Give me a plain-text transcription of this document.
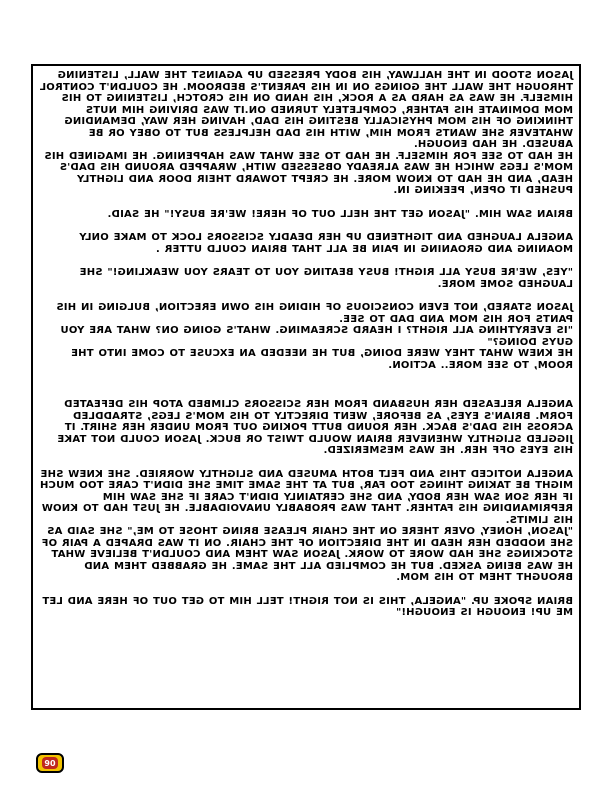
JASON STOOD IN THE HALLWAY, HIS BODY PRESSED UP AGAINST THE WALL, LISTENING THROUGH THE WALL THE GOINGS ON IN HIS PARENT'S BEDROOM. HE COULDN'T CONTROL HIMSELF. HE WAS AS HARD AS A ROCK, HIS HAND ON HIS CROTCH, LISTENING TO HIS MOM DOMINATE HIS FATHER, COMPLETELY TURNED ON.IT WAS DRIVING HIM NUTS THINKING OF HIS MOM PHYSICALLY BESTING HIS DAD, HAVING HER WAY, DEMANDING WHATEVER SHE WANTS FROM HIM, WITH HIS DAD HELPLESS BUT TO OBEY OR BE ABUSED. HE HAD ENOUGH.
HE HAD TO SEE FOR HIMSELF. HE HAD TO SEE WHAT WAS HAPPENING. HE IMAGINED HIS MOM'S LEGS WHICH HE WAS ALREADY OBSESSED WITH, WRAPPED AROUND HIS DAD'S HEAD, AND HE HAD TO KNOW MORE. HE CREPT TOWARD THEIR DOOR AND LIGHTLY PUSHED IT OPEN, PEEKING IN.

BRIAN SAW HIM. "JASON GET THE HELL OUT OF HERE! WE'RE BUSY!" HE SAID.

ANGELA LAUGHED AND TIGHTENED UP HER DEADLY SCISSORS LOCK TO MAKE ONLY MOANING AND GROANING IN PAIN BE ALL THAT BRIAN COULD UTTER .

"YES, WE'RE BUSY ALL RIGHT! BUSY BEATING YOU TO TEARS YOU WEAKLING!" SHE LAUGHED SOME MORE.

JASON STARED, NOT EVEN CONSCIOUS OF HIDING HIS OWN ERECTION, BULGING IN HIS PANTS FOR HIS MOM AND DAD TO SEE.
"IS EVERYTHING ALL RIGHT? I HEARD SCREAMING. WHAT'S GOING ON? WHAT ARE YOU GUYS DOING?"
HE KNEW WHAT THEY WERE DOING, BUT HE NEEDED AN EXCUSE TO COME INTO THE ROOM, TO SEE MORE.. ACTION.

ANGELA RELEASED HER HUSBAND FROM HER SCISSORS CLIMBED ATOP HIS DEFEATED FORM. BRIAN'S EYES, AS BEFORE, WENT DIRECTLY TO HIS MOM'S LEGS, STRADDLED ACROSS HIS DAD'S BACK. HER ROUND BUTT POKING OUT FROM UNDER HER SHIRT. IT JIGGLED SLIGHTLY WHENEVER BRIAN WOULD TWIST OR BUCK. JASON COULD NOT TAKE HIS EYES OFF HER. HE WAS MESMERIZED.

ANGELA NOTICED THIS AND FELT BOTH AMUSED AND SLIGHTLY WORRIED. SHE KNEW SHE MIGHT BE TAKING THINGS TOO FAR, BUT AT THE SAME TIME SHE DIDN'T CARE TOO MUCH IF HER SON SAW HER BODY, AND SHE CERTAINLY DIDN'T CARE IF SHE SAW HIM REPRIMANDING HIS FATHER. THAT WAS PROBABLY UNAVOIDABLE. HE JUST HAD TO KNOW HIS LIMITS.
"JASON, HONEY, OVER THERE ON THE CHAIR PLEASE BRING THOSE TO ME," SHE SAID AS SHE NODDED HER HEAD IN THE DIRECTION OF THE CHAIR. ON IT WAS DRAPED A PAIR OF STOCKINGS SHE HAD WORE TO WORK. JASON SAW THEM AND COULDN'T BELIEVE WHAT HE WAS BEING ASKED. BUT HE COMPLIED ALL THE SAME. HE GRABBED THEM AND BROUGHT THEM TO HIS MOM.

BRIAN SPOKE UP. "ANGELA, THIS IS NOT RIGHT! TELL HIM TO GET OUT OF HERE AND LET ME UP! ENOUGH IS ENOUGH!"

90
